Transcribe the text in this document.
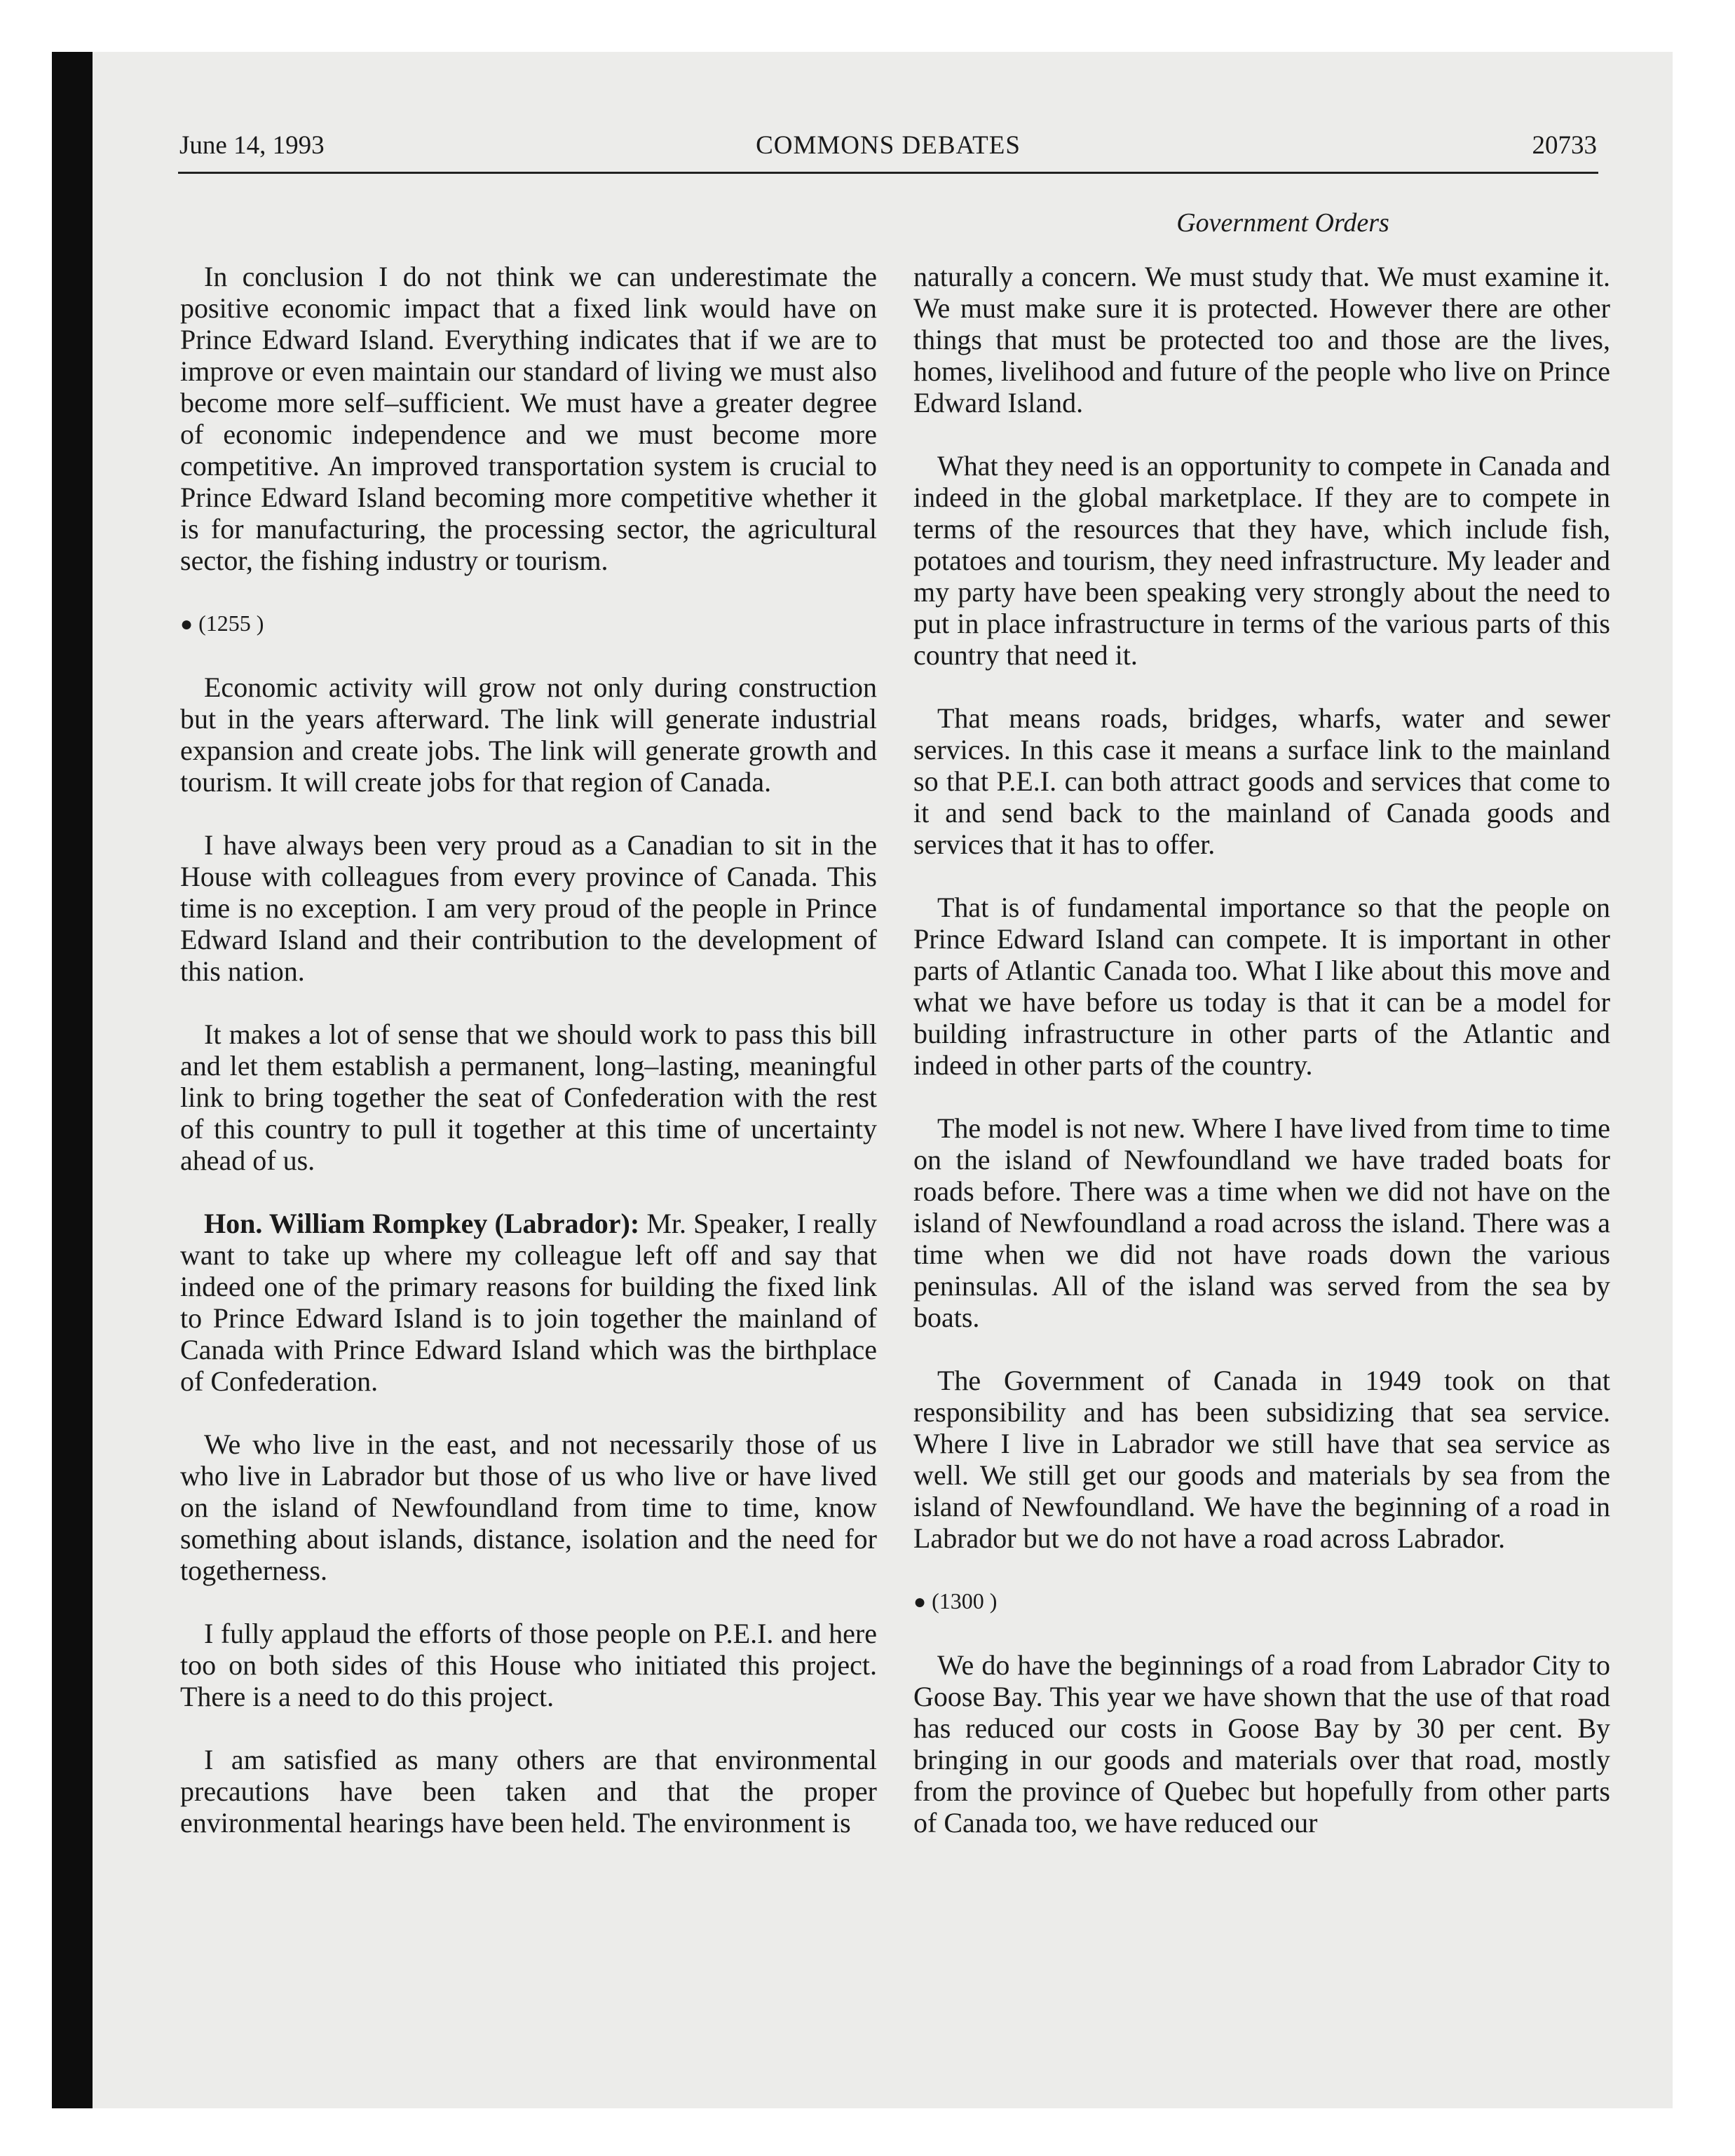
June 14, 1993	COMMONS DEBATES	20733
Government Orders

In conclusion I do not think we can underestimate the positive economic impact that a fixed link would have on Prince Edward Island. Everything indicates that if we are to improve or even maintain our standard of living we must also become more self–sufficient. We must have a greater degree of economic independence and we must become more competitive. An improved transportation system is crucial to Prince Edward Island becoming more competitive whether it is for manufacturing, the processing sector, the agricultural sector, the fishing industry or tourism.

● (1255 )

Economic activity will grow not only during construction but in the years afterward. The link will generate industrial expansion and create jobs. The link will generate growth and tourism. It will create jobs for that region of Canada.

I have always been very proud as a Canadian to sit in the House with colleagues from every province of Canada. This time is no exception. I am very proud of the people in Prince Edward Island and their contribution to the development of this nation.

It makes a lot of sense that we should work to pass this bill and let them establish a permanent, long–lasting, meaningful link to bring together the seat of Confederation with the rest of this country to pull it together at this time of uncertainty ahead of us.

Hon. William Rompkey (Labrador): Mr. Speaker, I really want to take up where my colleague left off and say that indeed one of the primary reasons for building the fixed link to Prince Edward Island is to join together the mainland of Canada with Prince Edward Island which was the birthplace of Confederation.

We who live in the east, and not necessarily those of us who live in Labrador but those of us who live or have lived on the island of Newfoundland from time to time, know something about islands, distance, isolation and the need for togetherness.

I fully applaud the efforts of those people on P.E.I. and here too on both sides of this House who initiated this project. There is a need to do this project.

I am satisfied as many others are that environmental precautions have been taken and that the proper environmental hearings have been held. The environment is

naturally a concern. We must study that. We must examine it. We must make sure it is protected. However there are other things that must be protected too and those are the lives, homes, livelihood and future of the people who live on Prince Edward Island.

What they need is an opportunity to compete in Canada and indeed in the global marketplace. If they are to compete in terms of the resources that they have, which include fish, potatoes and tourism, they need infrastructure. My leader and my party have been speaking very strongly about the need to put in place infrastructure in terms of the various parts of this country that need it.

That means roads, bridges, wharfs, water and sewer services. In this case it means a surface link to the mainland so that P.E.I. can both attract goods and services that come to it and send back to the mainland of Canada goods and services that it has to offer.

That is of fundamental importance so that the people on Prince Edward Island can compete. It is important in other parts of Atlantic Canada too. What I like about this move and what we have before us today is that it can be a model for building infrastructure in other parts of the Atlantic and indeed in other parts of the country.

The model is not new. Where I have lived from time to time on the island of Newfoundland we have traded boats for roads before. There was a time when we did not have on the island of Newfoundland a road across the island. There was a time when we did not have roads down the various peninsulas. All of the island was served from the sea by boats.

The Government of Canada in 1949 took on that responsibility and has been subsidizing that sea service. Where I live in Labrador we still have that sea service as well. We still get our goods and materials by sea from the island of Newfoundland. We have the beginning of a road in Labrador but we do not have a road across Labrador.

● (1300 )

We do have the beginnings of a road from Labrador City to Goose Bay. This year we have shown that the use of that road has reduced our costs in Goose Bay by 30 per cent. By bringing in our goods and materials over that road, mostly from the province of Quebec but hopefully from other parts of Canada too, we have reduced our
